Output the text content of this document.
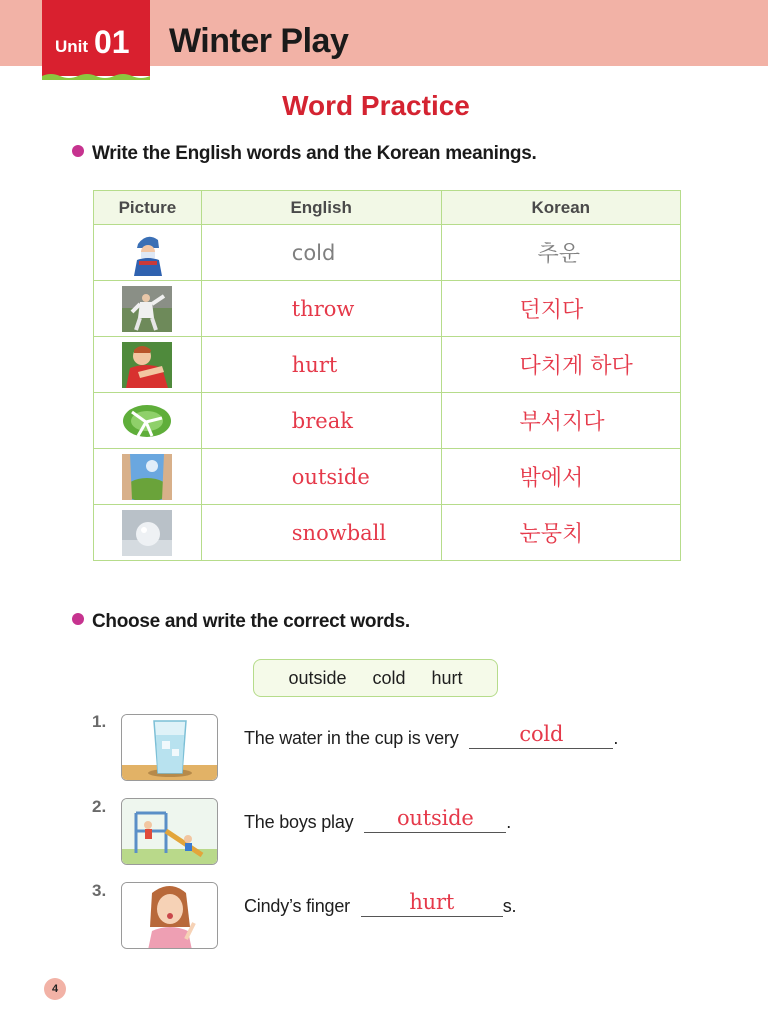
Unit 01 Winter Play
Word Practice
Write the English words and the Korean meanings.
Picture	English	Korean
	cold	추운
	throw	던지다
	hurt	다치게 하다
	break	부서지다
	outside	밖에서
	snowball	눈뭉치
Choose and write the correct words.
outside cold hurt
1.
The water in the cup is very	cold	.
2.
The boys play	outside	.
3.
Cindy’s finger	hurt	s.
4
